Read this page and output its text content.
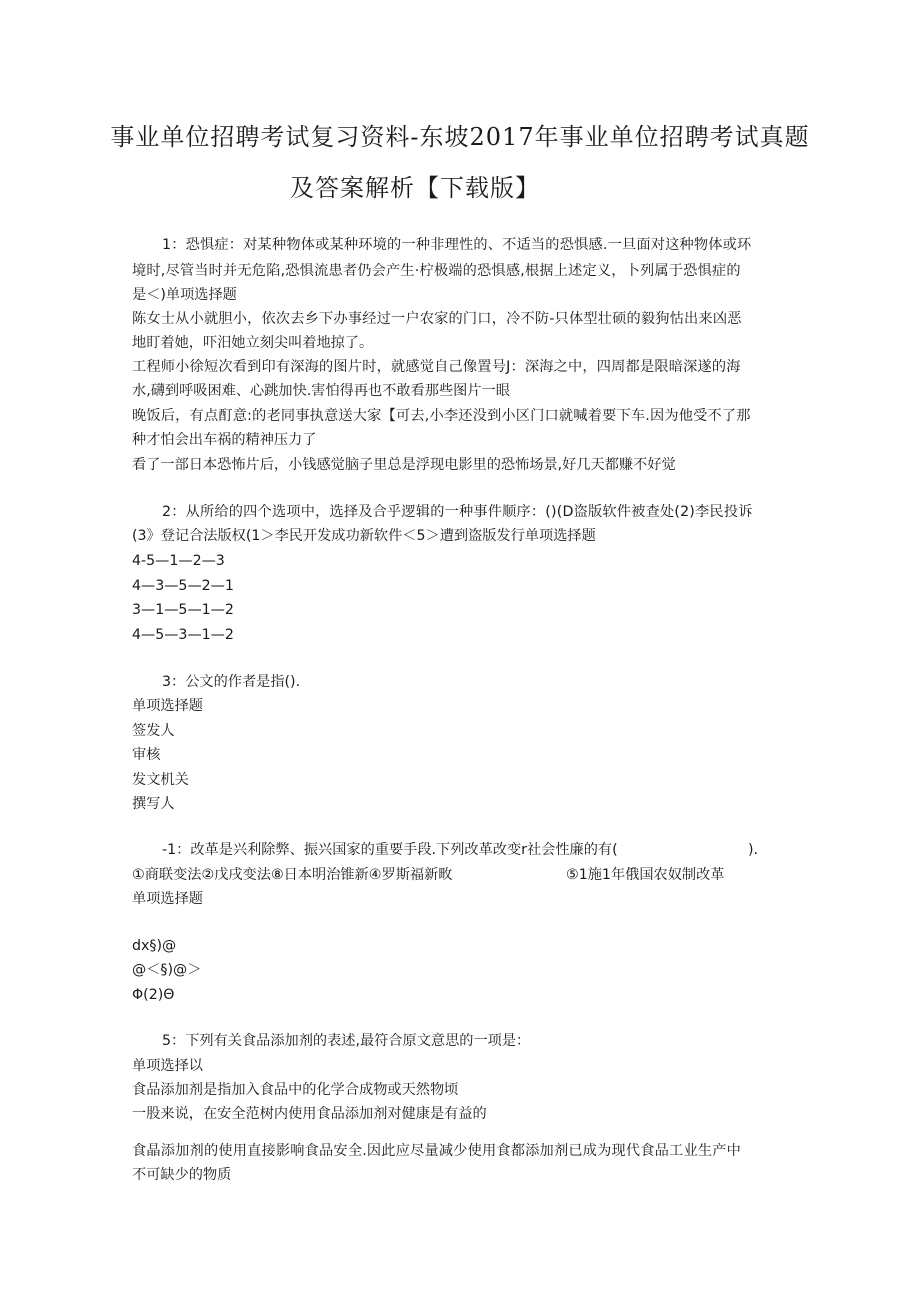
事业单位招聘考试复习资料-东坡2017年事业单位招聘考试真题
及答案解析【下载版】
1：恐惧症：对某种物体或某种环境的一种非理性的、不适当的恐惧感.一旦面对这种物体或环
境时,尽管当时并无危陷,恐惧流患者仍会产生·柠极端的恐惧感,根据上述定义，卜列属于恐惧症的
是＜)单项选择题
陈女士从小就胆小，依次去乡下办事经过一户农家的门口，冷不防-只体型壮硕的毅狗怙出来凶恶
地盯着她，吓汨她立刻尖叫着地掠了。
工程师小徐短次看到印有深海的图片时，就感觉自己像置号J：深海之中，四周都是限暗深遂的海
水,礴到呼吸困难、心跳加快.害怕得再也不敢看那些图片一眼
晚饭后，有点酊意:的老同事执意送大家【可去,小李还没到小区门口就喊着要下车.因为他受不了那
种才怕会出车祸的精神压力了
看了一部日本恐怖片后，小钱感觉脑子里总是浮现电影里的恐怖场景,好几天都赚不好觉
2：从所给的四个选项中，选择及合乎逻辑的一种事件顺序：()(D盗版软件被查处(2)李民投诉
(3》登记合法版权(1＞李民开发成功新软件＜5＞遭到盗版发行单项选择题
4-5—1—2—3
4—3—5—2—1
3—1—5—1—2
4—5—3—1—2
3：公文的作者是指().
单项选择题
签发人
审核
发文机关
撰写人
-1：改革是兴利除弊、振兴国家的重要手段.下列改革改变r社会性廉的有(	).
①商联变法②戊戌变法⑧日本明治锥新④罗斯福新畋	⑤1施1年俄国农奴制改革
单项选择题
dx§)@
@＜§)@＞
Φ(2)Θ
5：下列有关食品添加剂的表述,最符合原文意思的一项是：
单项选择以
食品添加剂是指加入食品中的化学合成物或天然物顷
一股来说，在安全范树内使用食品添加剂对健康是有益的
食晶添加剂的使用直接影响食品安全.因此应尽量减少使用食都添加剂已成为现代食品工业生产中
不可缺少的物质
